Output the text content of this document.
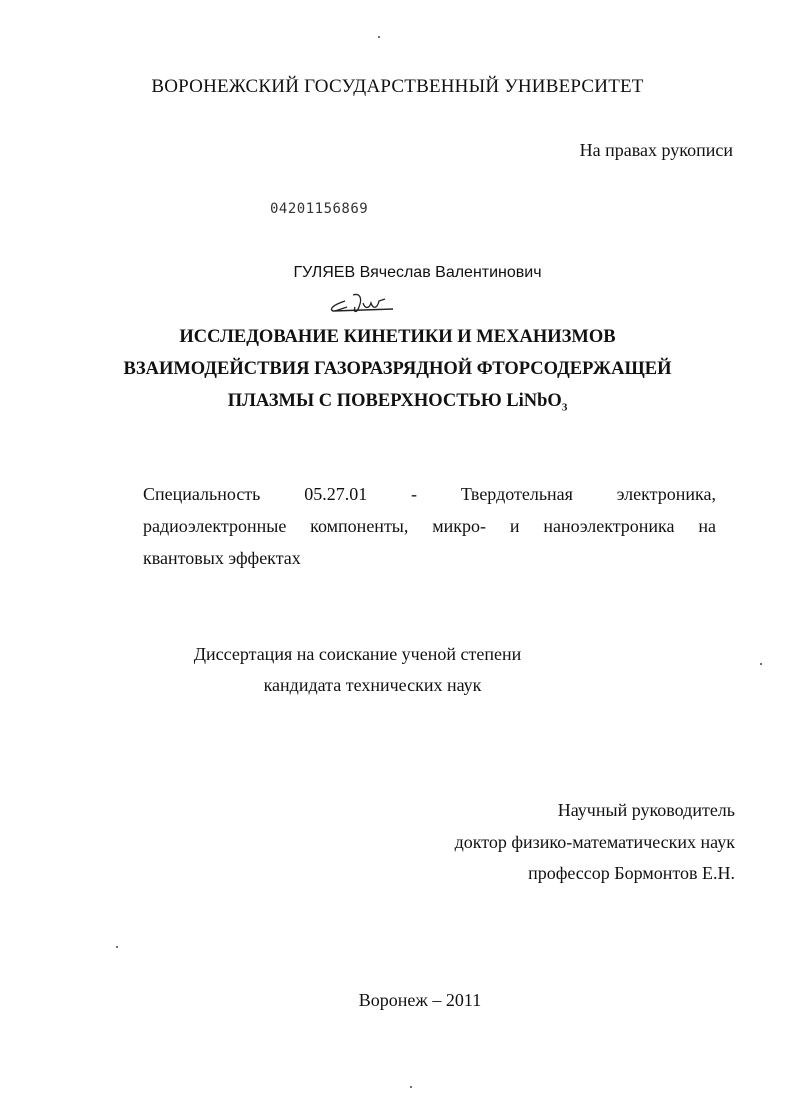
ВОРОНЕЖСКИЙ ГОСУДАРСТВЕННЫЙ УНИВЕРСИТЕТ
На правах рукописи
04201156869
ГУЛЯЕВ Вячеслав Валентинович
ИССЛЕДОВАНИЕ КИНЕТИКИ И МЕХАНИЗМОВ
ВЗАИМОДЕЙСТВИЯ ГАЗОРАЗРЯДНОЙ ФТОРСОДЕРЖАЩЕЙ
ПЛАЗМЫ С ПОВЕРХНОСТЬЮ LiNbO$_3$
Специальность 05.27.01 - Твердотельная электроника,
радиоэлектронные компоненты, микро- и наноэлектроника на
квантовых эффектах
Диссертация на соискание ученой степени
кандидата технических наук
Научный руководитель
доктор физико-математических наук
профессор Бормонтов Е.Н.
Воронеж – 2011
